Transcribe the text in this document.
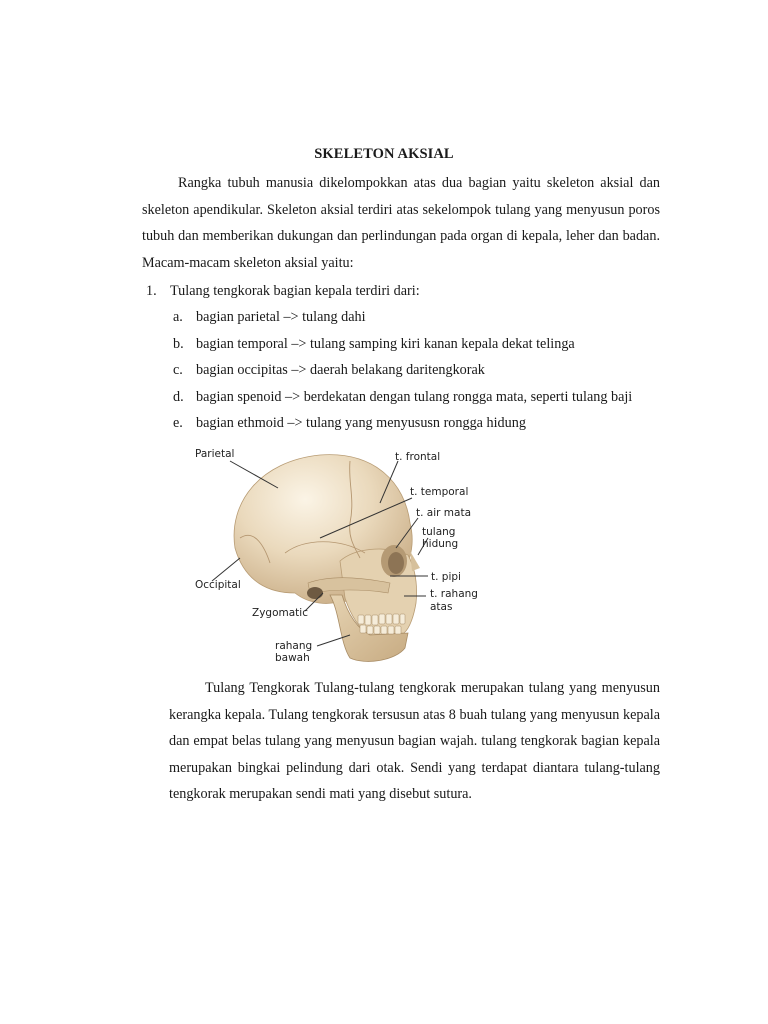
SKELETON AKSIAL
Rangka tubuh manusia dikelompokkan atas dua bagian yaitu skeleton aksial dan skeleton apendikular. Skeleton aksial terdiri atas sekelompok tulang yang menyusun poros tubuh dan memberikan dukungan dan perlindungan pada organ di kepala, leher dan badan. Macam-macam skeleton aksial yaitu:
1. Tulang tengkorak bagian kepala terdiri dari:
a. bagian parietal –> tulang dahi
b. bagian temporal –> tulang samping kiri kanan kepala dekat telinga
c. bagian occipitas –> daerah belakang daritengkorak
d. bagian spenoid –> berdekatan dengan tulang rongga mata, seperti tulang baji
e. bagian ethmoid –> tulang yang menyususn rongga hidung
Parietal	t. frontal
t. temporal
t. air mata
tulang
hidung
t. pipi
t. rahang
atas
Occipital
Zygomatic
rahang
bawah
Tulang Tengkorak Tulang-tulang tengkorak merupakan tulang yang menyusun kerangka kepala. Tulang tengkorak tersusun atas 8 buah tulang yang menyusun kepala dan empat belas tulang yang menyusun bagian wajah. tulang tengkorak bagian kepala merupakan bingkai pelindung dari otak. Sendi yang terdapat diantara tulang-tulang tengkorak merupakan sendi mati yang disebut sutura.
